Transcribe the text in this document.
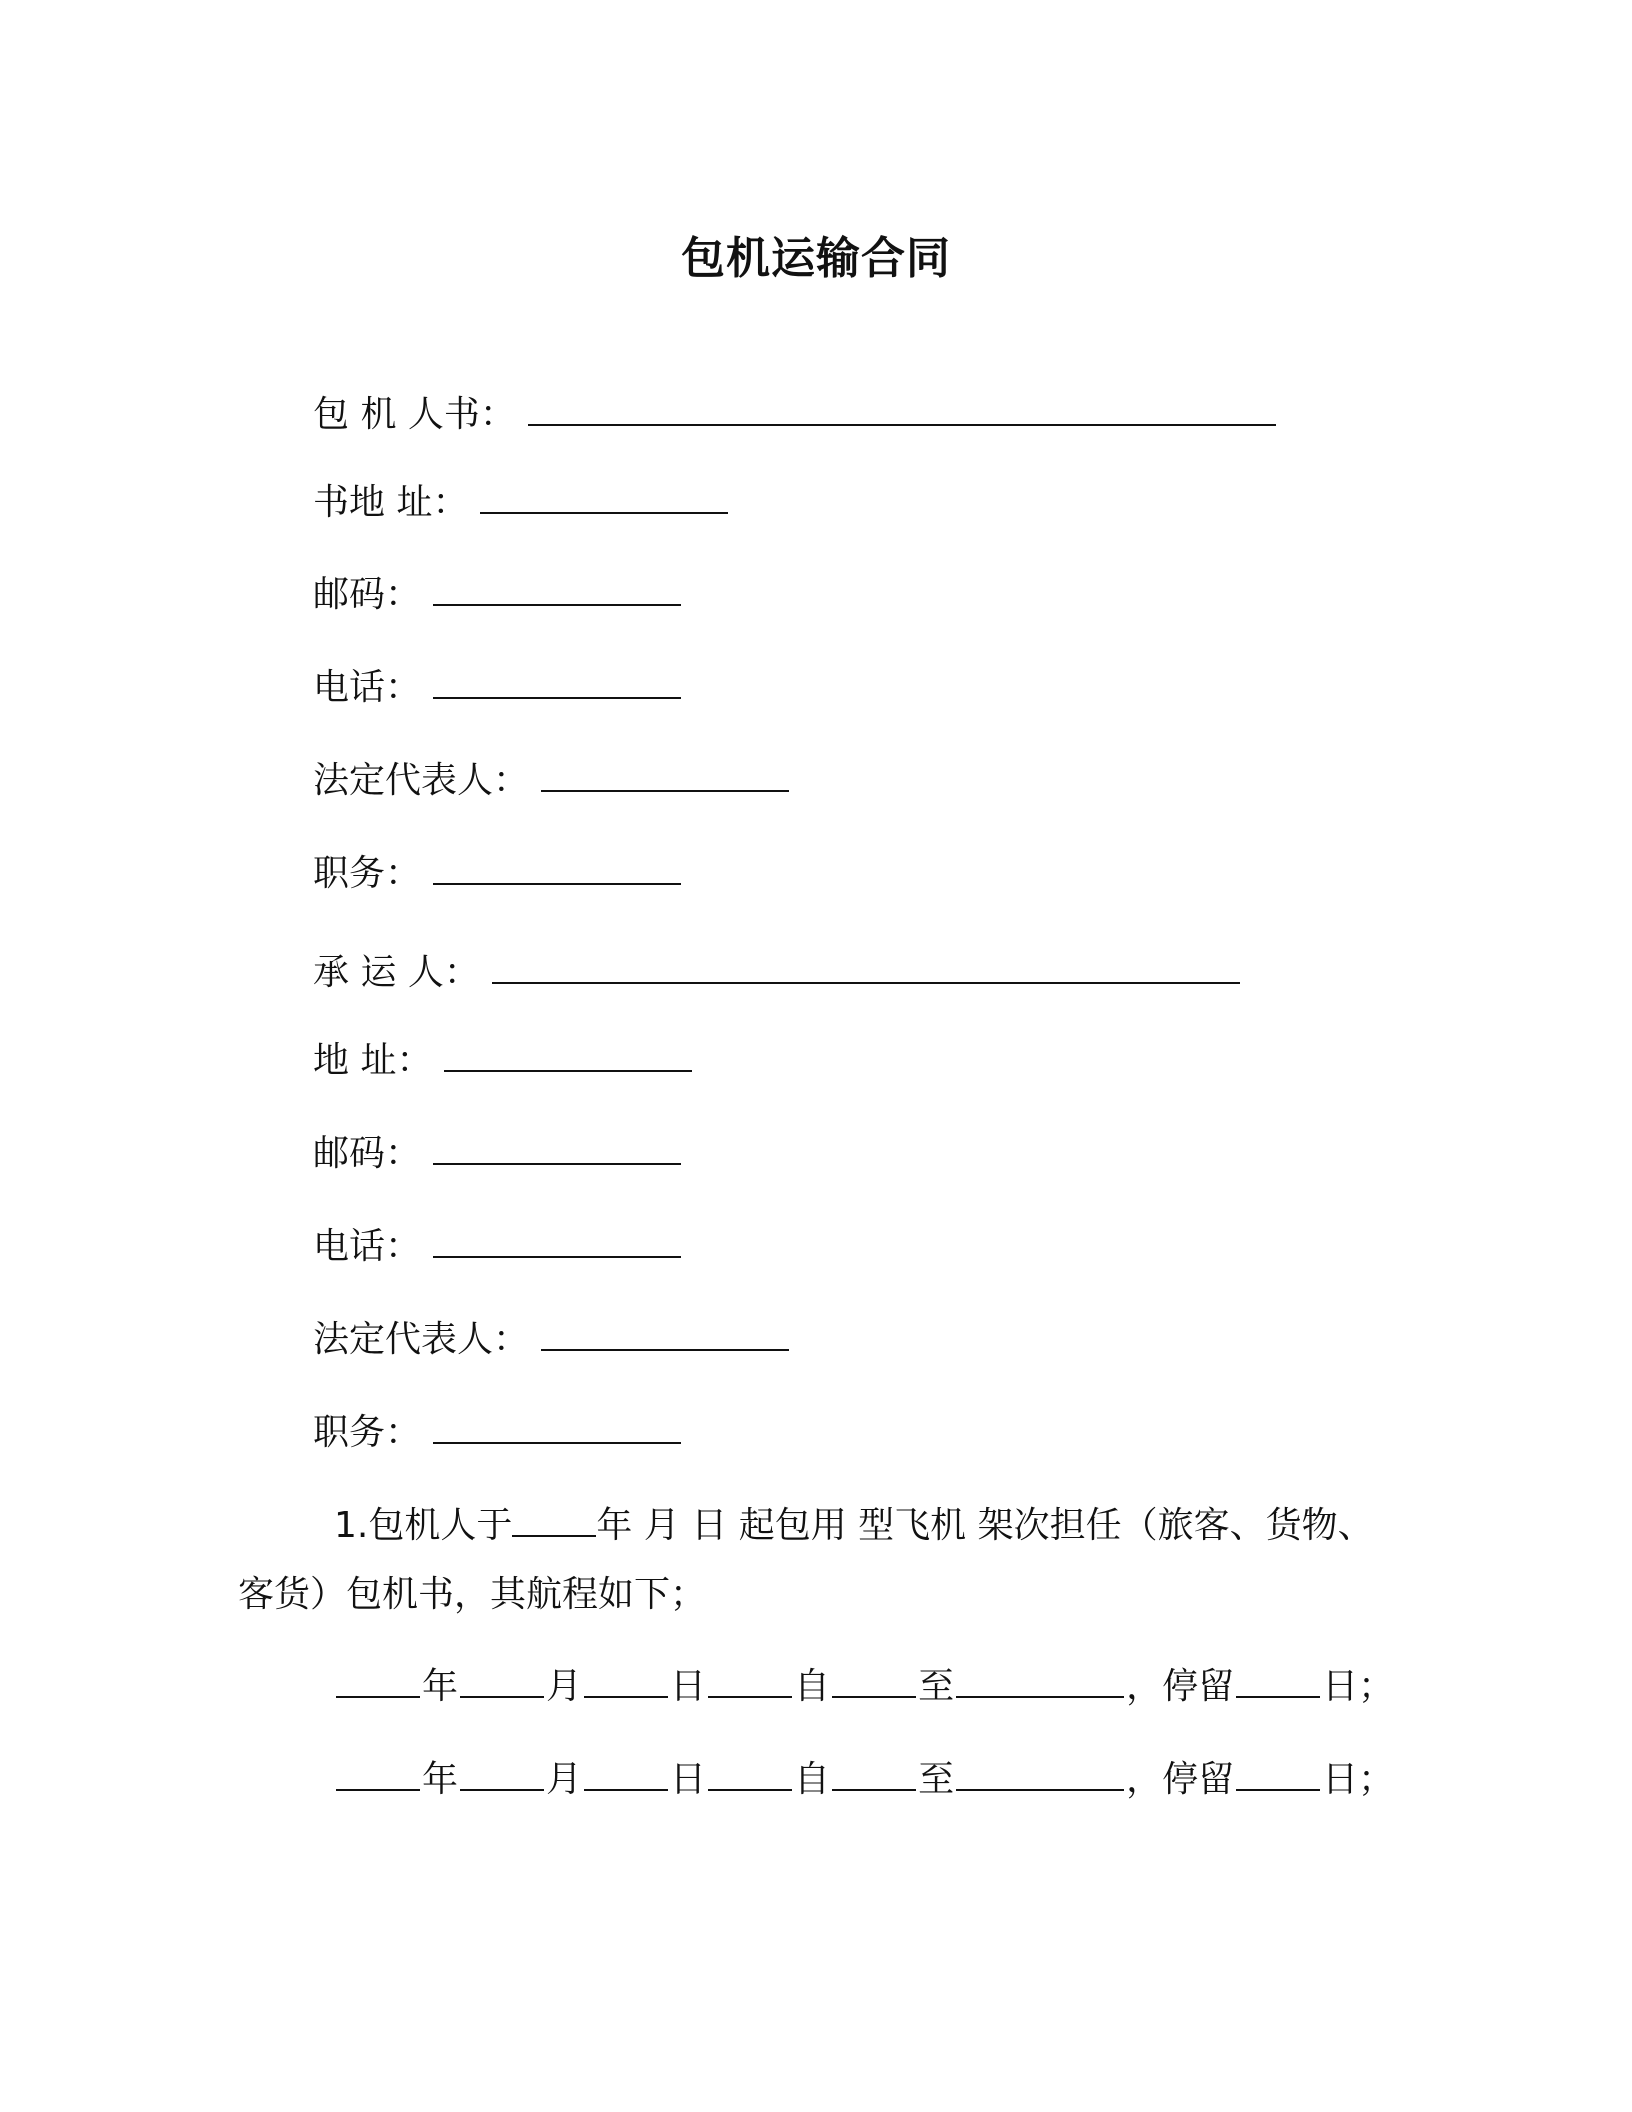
包机运输合同
包 机 人书：
书地 址：
邮码：
电话：
法定代表人：
职务：
承 运 人：
地 址：
邮码：
电话：
法定代表人：
职务：
1.包机人于 年 月 日 起包用 型飞机 架次担任（旅客、货物、
客货）包机书，其航程如下；
年 月 日 自 至	，停留 日；
年 月 日 自 至	，停留 日；
